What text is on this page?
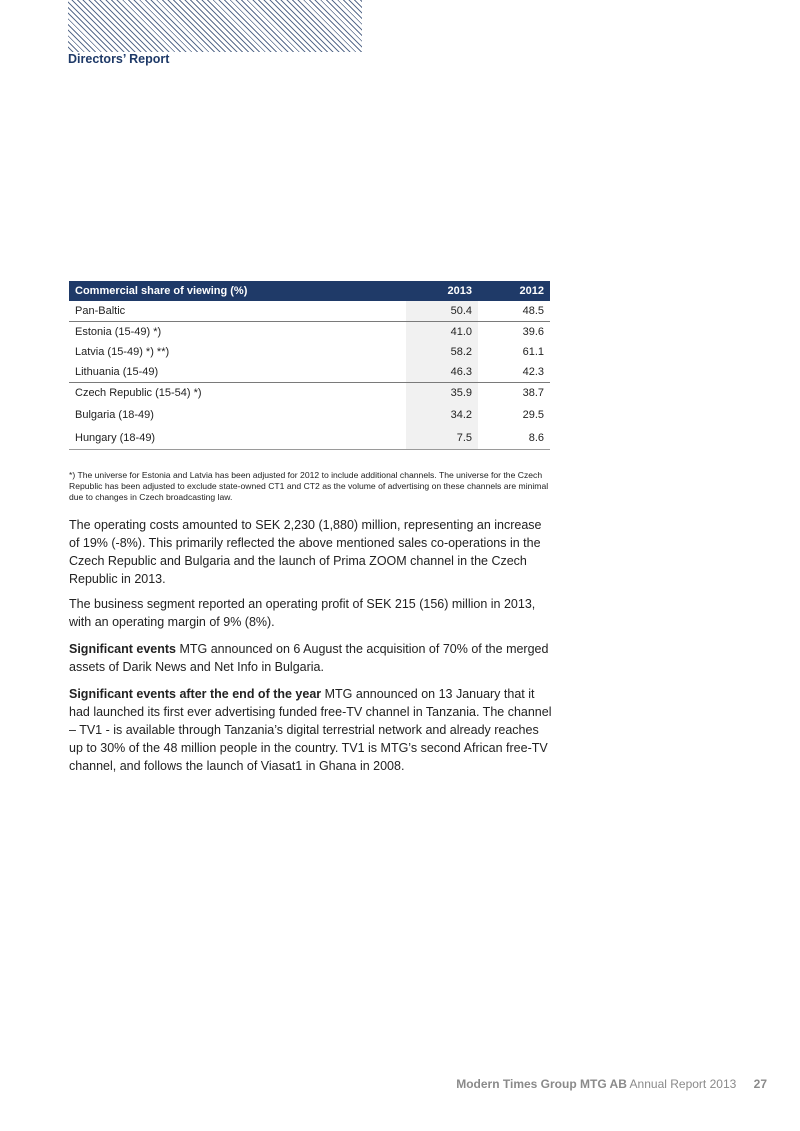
Directors’ Report
Commercial share of viewing (%)	2013	2012
Pan-Baltic	50.4	48.5
Estonia (15-49) *)	41.0	39.6
Latvia (15-49) *) **)	58.2	61.1
Lithuania (15-49)	46.3	42.3
Czech Republic (15-54) *)	35.9	38.7
Bulgaria (18-49)	34.2	29.5
Hungary (18-49)	7.5	8.6
*) The universe for Estonia and Latvia has been adjusted for 2012 to include additional channels. The universe for the Czech Republic has been adjusted to exclude state-owned CT1 and CT2 as the volume of advertising on these channels are minimal due to changes in Czech broadcasting law.

The operating costs amounted to SEK 2,230 (1,880) million, representing an increase of 19% (-8%). This primarily reflected the above mentioned sales co-operations in the Czech Republic and Bulgaria and the launch of Prima ZOOM channel in the Czech Republic in 2013.

The business segment reported an operating profit of SEK 215 (156) million in 2013, with an operating margin of 9% (8%).

Significant events MTG announced on 6 August the acquisition of 70% of the merged assets of Darik News and Net Info in Bulgaria.

Significant events after the end of the year MTG announced on 13 January that it had launched its first ever advertising funded free-TV channel in Tanzania. The channel – TV1 - is available through Tanzania’s digital terrestrial network and already reaches up to 30% of the 48 million people in the country. TV1 is MTG’s second African free-TV channel, and follows the launch of Viasat1 in Ghana in 2008.

Modern Times Group MTG AB Annual Report 2013 27
